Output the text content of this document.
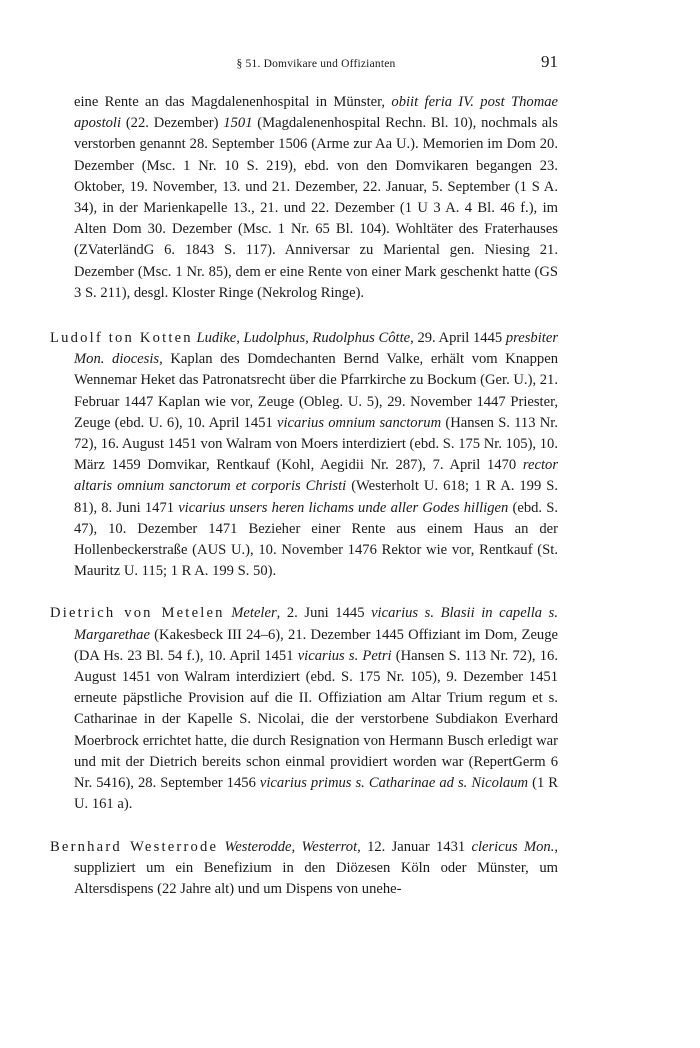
§ 51. Domvikare und Offizianten	91

eine Rente an das Magdalenenhospital in Münster, obiit feria IV. post Thomae apostoli (22. Dezember) 1501 (Magdalenenhospital Rechn. Bl. 10), nochmals als verstorben genannt 28. September 1506 (Arme zur Aa U.). Memorien im Dom 20. Dezember (Msc. 1 Nr. 10 S. 219), ebd. von den Domvikaren begangen 23. Oktober, 19. November, 13. und 21. Dezember, 22. Januar, 5. September (1 S A. 34), in der Marienkapelle 13., 21. und 22. Dezember (1 U 3 A. 4 Bl. 46 f.), im Alten Dom 30. Dezember (Msc. 1 Nr. 65 Bl. 104). Wohltäter des Fraterhauses (ZVaterländG 6. 1843 S. 117). Anniversar zu Mariental gen. Niesing 21. Dezember (Msc. 1 Nr. 85), dem er eine Rente von einer Mark geschenkt hatte (GS 3 S. 211), desgl. Kloster Ringe (Nekrolog Ringe).

Ludolf ton Kotten Ludike, Ludolphus, Rudolphus Côtte, 29. April 1445 presbiter Mon. diocesis, Kaplan des Domdechanten Bernd Valke, erhält vom Knappen Wennemar Heket das Patronatsrecht über die Pfarrkirche zu Bockum (Ger. U.), 21. Februar 1447 Kaplan wie vor, Zeuge (Obleg. U. 5), 29. November 1447 Priester, Zeuge (ebd. U. 6), 10. April 1451 vicarius omnium sanctorum (Hansen S. 113 Nr. 72), 16. August 1451 von Walram von Moers interdiziert (ebd. S. 175 Nr. 105), 10. März 1459 Domvikar, Rentkauf (Kohl, Aegidii Nr. 287), 7. April 1470 rector altaris omnium sanctorum et corporis Christi (Westerholt U. 618; 1 R A. 199 S. 81), 8. Juni 1471 vicarius unsers heren lichams unde aller Godes hilligen (ebd. S. 47), 10. Dezember 1471 Bezieher einer Rente aus einem Haus an der Hollenbeckerstraße (AUS U.), 10. November 1476 Rektor wie vor, Rentkauf (St. Mauritz U. 115; 1 R A. 199 S. 50).

Dietrich von Metelen Meteler, 2. Juni 1445 vicarius s. Blasii in capella s. Margarethae (Kakesbeck III 24–6), 21. Dezember 1445 Offiziant im Dom, Zeuge (DA Hs. 23 Bl. 54 f.), 10. April 1451 vicarius s. Petri (Hansen S. 113 Nr. 72), 16. August 1451 von Walram interdiziert (ebd. S. 175 Nr. 105), 9. Dezember 1451 erneute päpstliche Provision auf die II. Offiziation am Altar Trium regum et s. Catharinae in der Kapelle S. Nicolai, die der verstorbene Subdiakon Everhard Moerbrock errichtet hatte, die durch Resignation von Hermann Busch erledigt war und mit der Dietrich bereits schon einmal providiert worden war (RepertGerm 6 Nr. 5416), 28. September 1456 vicarius primus s. Catharinae ad s. Nicolaum (1 R U. 161 a).

Bernhard Westerrode Westerodde, Westerrot, 12. Januar 1431 clericus Mon., suppliziert um ein Benefizium in den Diözesen Köln oder Münster, um Altersdispens (22 Jahre alt) und um Dispens von unehe-
